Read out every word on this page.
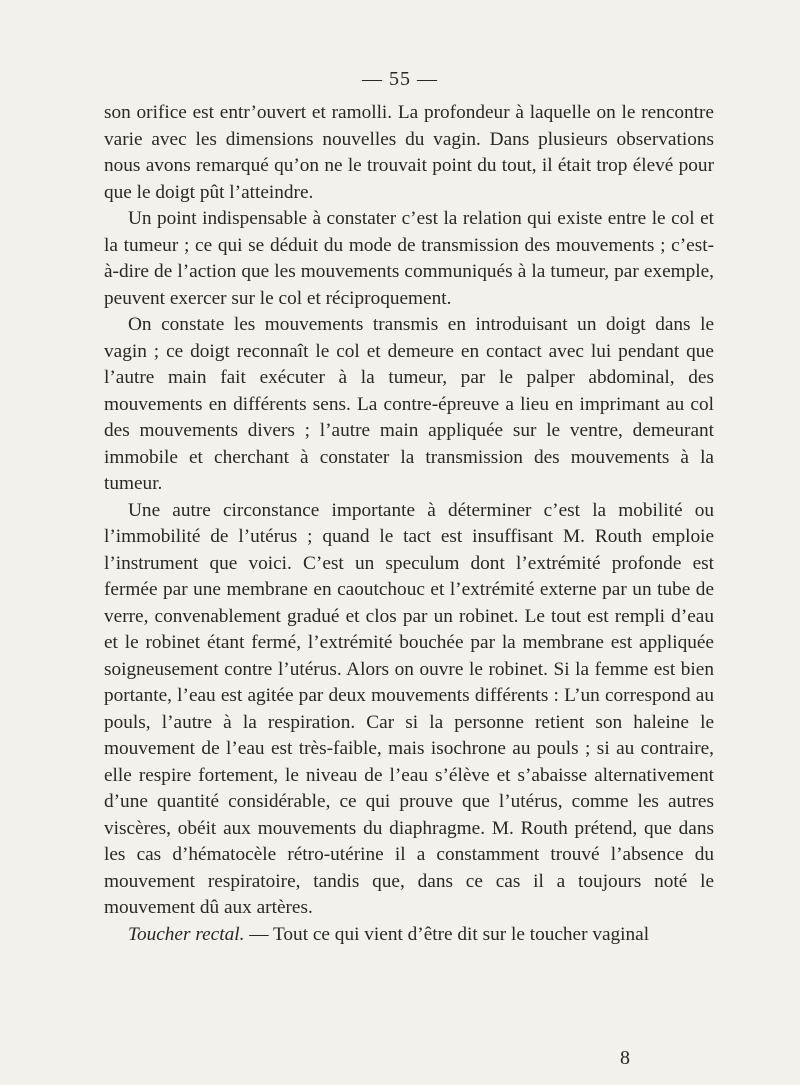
— 55 —

son orifice est entr’ouvert et ramolli. La profondeur à laquelle on le rencontre varie avec les dimensions nouvelles du vagin. Dans plusieurs observations nous avons remarqué qu’on ne le trouvait point du tout, il était trop élevé pour que le doigt pût l’atteindre.

Un point indispensable à constater c’est la relation qui existe entre le col et la tumeur ; ce qui se déduit du mode de transmission des mouvements ; c’est-à-dire de l’action que les mouvements communiqués à la tumeur, par exemple, peuvent exercer sur le col et réciproquement.

On constate les mouvements transmis en introduisant un doigt dans le vagin ; ce doigt reconnaît le col et demeure en contact avec lui pendant que l’autre main fait exécuter à la tumeur, par le palper abdominal, des mouvements en différents sens. La contre-épreuve a lieu en imprimant au col des mouvements divers ; l’autre main appliquée sur le ventre, demeurant immobile et cherchant à constater la transmission des mouvements à la tumeur.

Une autre circonstance importante à déterminer c’est la mobilité ou l’immobilité de l’utérus ; quand le tact est insuffisant M. Routh emploie l’instrument que voici. C’est un speculum dont l’extrémité profonde est fermée par une membrane en caoutchouc et l’extrémité externe par un tube de verre, convenablement gradué et clos par un robinet. Le tout est rempli d’eau et le robinet étant fermé, l’extrémité bouchée par la membrane est appliquée soigneusement contre l’utérus. Alors on ouvre le robinet. Si la femme est bien portante, l’eau est agitée par deux mouvements différents : L’un correspond au pouls, l’autre à la respiration. Car si la personne retient son haleine le mouvement de l’eau est très-faible, mais isochrone au pouls ; si au contraire, elle respire fortement, le niveau de l’eau s’élève et s’abaisse alternativement d’une quantité considérable, ce qui prouve que l’utérus, comme les autres viscères, obéit aux mouvements du diaphragme. M. Routh prétend, que dans les cas d’hématocèle rétro-utérine il a constamment trouvé l’absence du mouvement respiratoire, tandis que, dans ce cas il a toujours noté le mouvement dû aux artères.

Toucher rectal. — Tout ce qui vient d’être dit sur le toucher vaginal

8
